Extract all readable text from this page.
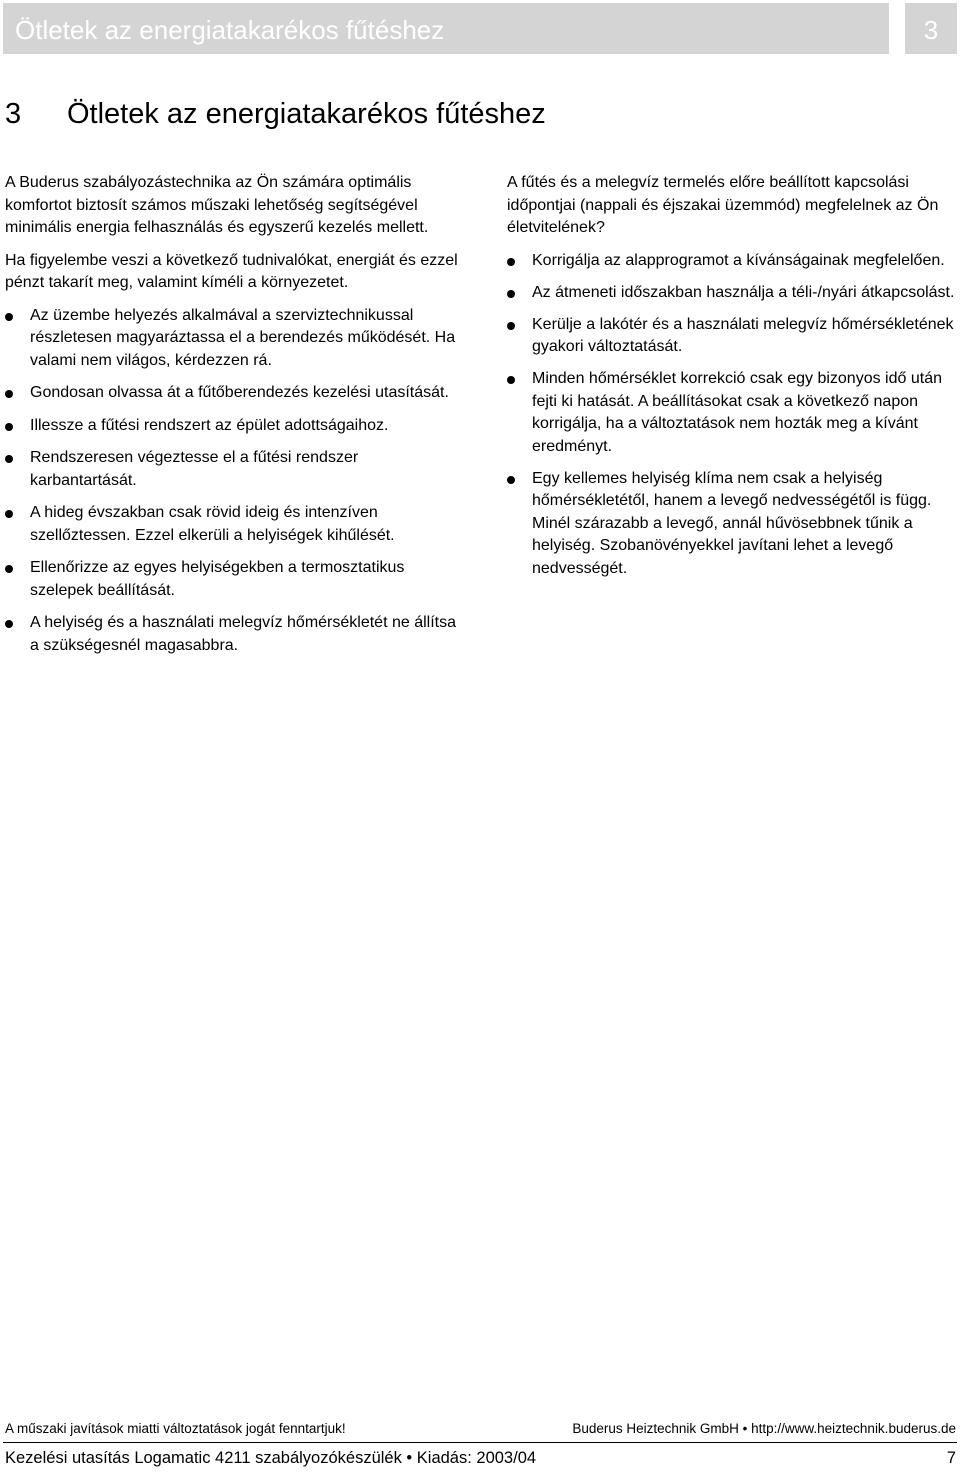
Ötletek az energiatakarékos fűtéshez	3
3 Ötletek az energiatakarékos fűtéshez

A Buderus szabályozástechnika az Ön számára optimális komfortot biztosít számos műszaki lehetőség segítségével minimális energia felhasználás és egyszerű kezelés mellett.

Ha figyelembe veszi a következő tudnivalókat, energiát és ezzel pénzt takarít meg, valamint kíméli a környezetet.

Az üzembe helyezés alkalmával a szerviztechnikussal részletesen magyaráztassa el a berendezés működését. Ha valami nem világos, kérdezzen rá.
Gondosan olvassa át a fűtőberendezés kezelési utasítását.
Illessze a fűtési rendszert az épület adottságaihoz.
Rendszeresen végeztesse el a fűtési rendszer karbantartását.
A hideg évszakban csak rövid ideig és intenzíven szellőztessen. Ezzel elkerüli a helyiségek kihűlését.
Ellenőrizze az egyes helyiségekben a termosztatikus szelepek beállítását.
A helyiség és a használati melegvíz hőmérsékletét ne állítsa a szükségesnél magasabbra.

A fűtés és a melegvíz termelés előre beállított kapcsolási időpontjai (nappali és éjszakai üzemmód) megfelelnek az Ön életvitelének?

Korrigálja az alapprogramot a kívánságainak megfelelően.
Az átmeneti időszakban használja a téli-/nyári átkapcsolást.
Kerülje a lakótér és a használati melegvíz hőmérsékletének gyakori változtatását.
Minden hőmérséklet korrekció csak egy bizonyos idő után fejti ki hatását. A beállításokat csak a következő napon korrigálja, ha a változtatások nem hozták meg a kívánt eredményt.
Egy kellemes helyiség klíma nem csak a helyiség hőmérsékletétől, hanem a levegő nedvességétől is függ. Minél szárazabb a levegő, annál hűvösebbnek tűnik a helyiség. Szobanövényekkel javítani lehet a levegő nedvességét.
A műszaki javítások miatti változtatások jogát fenntartjuk!	Buderus Heiztechnik GmbH • http://www.heiztechnik.buderus.de
Kezelési utasítás Logamatic 4211 szabályozókészülék • Kiadás: 2003/04	7
